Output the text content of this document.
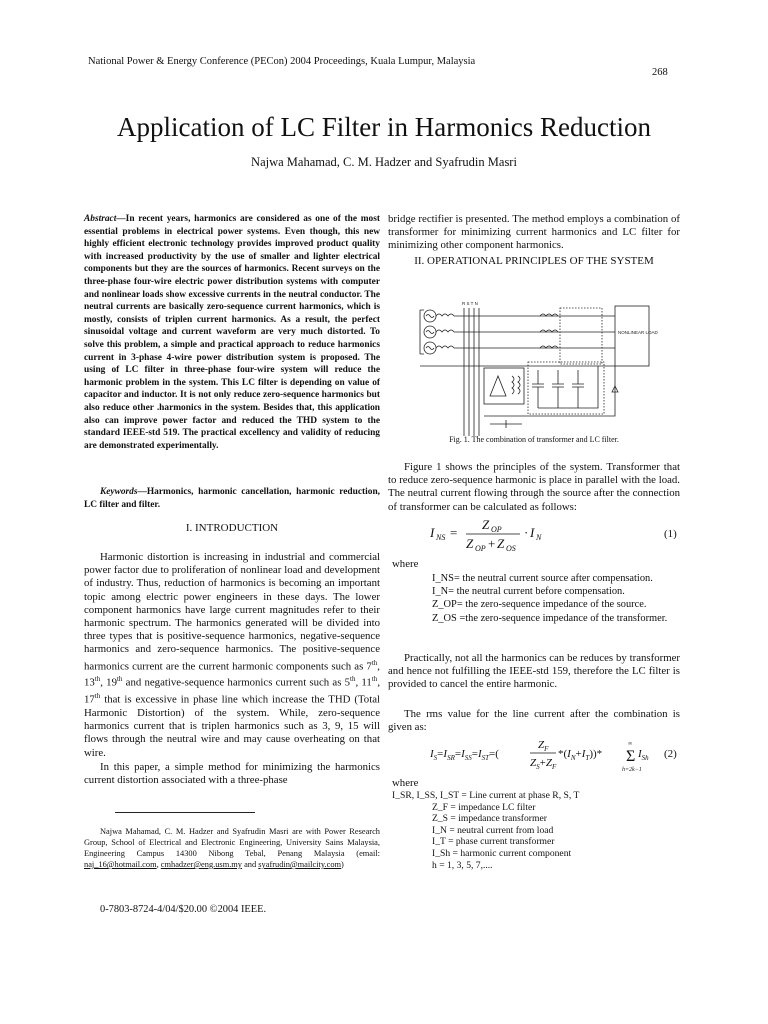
National Power & Energy Conference (PECon) 2004 Proceedings, Kuala Lumpur, Malaysia
268
Application of LC Filter in Harmonics Reduction
Najwa Mahamad, C. M. Hadzer and Syafrudin Masri
Abstract—In recent years, harmonics are considered as one of the most essential problems in electrical power systems. Even though, this new highly efficient electronic technology provides improved product quality with increased productivity by the use of smaller and lighter electrical components but they are the sources of harmonics. Recent surveys on the three-phase four-wire electric power distribution systems with computer and nonlinear loads show excessive currents in the neutral conductor. The neutral currents are basically zero-sequence current harmonics, which is mostly, consists of triplen current harmonics. As a result, the perfect sinusoidal voltage and current waveform are very much distorted. To solve this problem, a simple and practical approach to reduce harmonics current in 3-phase 4-wire power distribution system is proposed. The using of LC filter in three-phase four-wire system will reduce the harmonic problem in the system. This LC filter is depending on value of capacitor and inductor. It is not only reduce zero-sequence harmonics but also reduce other .harmonics in the system. Besides that, this application also can improve power factor and reduced the THD system to the standard IEEE-std 519. The practical excellency and validity of reducing are demonstrated experimentally.
Keywords—Harmonics, harmonic cancellation, harmonic reduction, LC filter and filter.
I. INTRODUCTION

Harmonic distortion is increasing in industrial and commercial power factor due to proliferation of nonlinear load and development of industry. Thus, reduction of harmonics is becoming an important topic among electric power engineers in these days. The lower component harmonics have large current magnitudes refer to their harmonic spectrum. The harmonics generated will be divided into three types that is positive-sequence harmonics, negative-sequence harmonics and zero-sequence harmonics. The positive-sequence harmonics current are the current harmonic components such as 7th, 13th, 19th and negative-sequence harmonics current such as 5th, 11th, 17th that is excessive in phase line which increase the THD (Total Harmonic Distortion) of the system. While, zero-sequence harmonics current that is triplen harmonics such as 3, 9, 15 will flows through the neutral wire and may cause overheating on that wire.

In this paper, a simple method for minimizing the harmonics current distortion associated with a three-phase

Najwa Mahamad, C. M. Hadzer and Syafrudin Masri are with Power Research Group, School of Electrical and Electronic Engineering, University Sains Malaysia, Engineering Campus 14300 Nibong Tebal, Penang Malaysia (email: naj_16@hotmail.com, cmhadzer@eng.usm.my and syafrudin@mailcity.com)
0-7803-8724-4/04/$20.00 ©2004 IEEE.
bridge rectifier is presented. The method employs a combination of transformer for minimizing current harmonics and LC filter for minimizing other component harmonics.
II. OPERATIONAL PRINCIPLES OF THE SYSTEM
R S T N
NONLINEAR LOAD
Fig. 1. The combination of transformer and LC filter.

Figure 1 shows the principles of the system. Transformer that to reduce zero-sequence harmonic is place in parallel with the load. The neutral current flowing through the source after the connection of transformer can be calculated as follows:

I NS =
Z OP
Z OP + Z OS
· I N	(1)
where
I_NS= the neutral current source after compensation.
I_N= the neutral current before compensation.
Z_OP= the zero-sequence impedance of the source.
Z_OS =the zero-sequence impedance of the transformer.

Practically, not all the harmonics can be reduces by transformer and hence not fulfilling the IEEE-std 159, therefore the LC filter is provided to cancel the entire harmonic.

The rms value for the line current after the combination is given as:

$I_S=I_{SR}=I_{SS}=I_{ST}=$(
$Z_F$
$Z_S+Z_F$
$*(I_N+I_T))*$ Σ
∞
h=2k−1
$I_{Sh}$ (2)
where
I_SR, I_SS, I_ST = Line current at phase R, S, T
Z_F = impedance LC filter
Z_S = impedance transformer
I_N = neutral current from load
I_T = phase current transformer
I_Sh = harmonic current component
h = 1, 3, 5, 7,....
